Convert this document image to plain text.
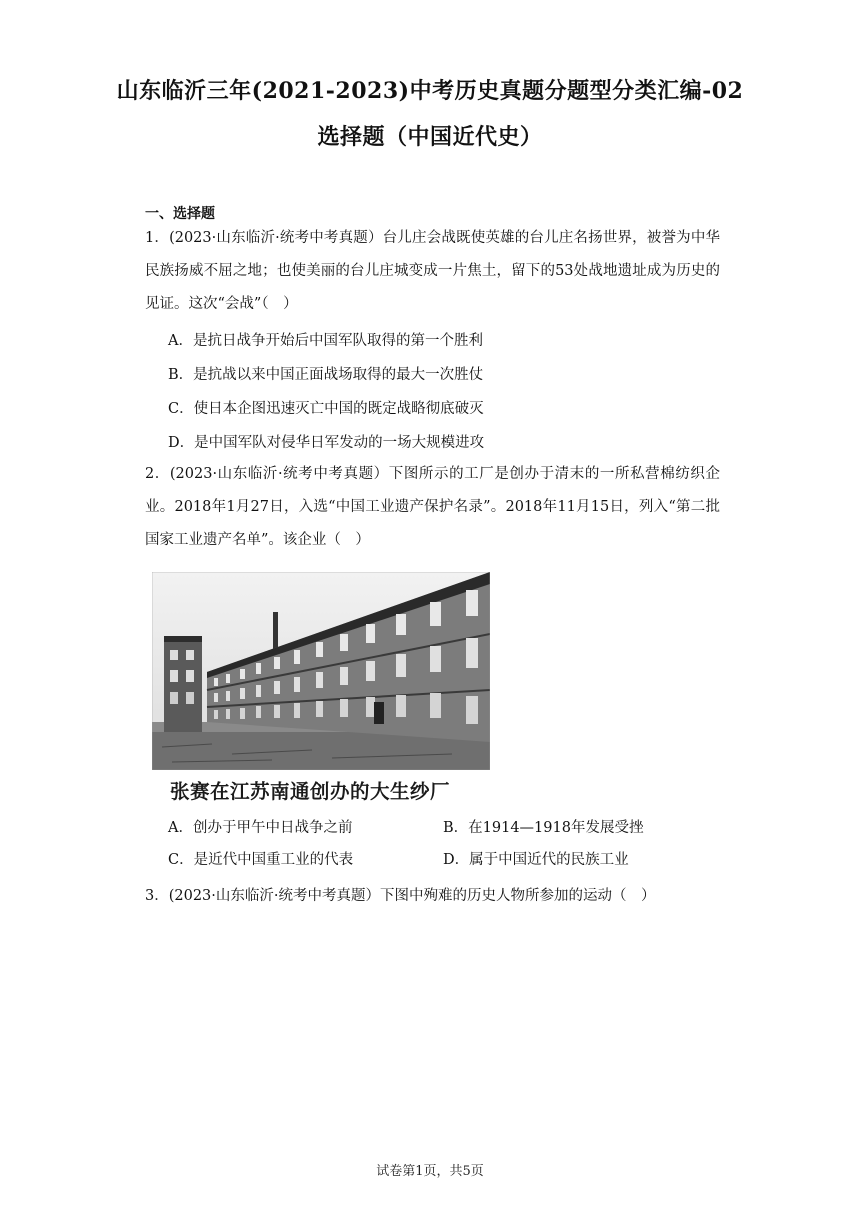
山东临沂三年(2021-2023)中考历史真题分题型分类汇编-02
选择题（中国近代史）
一、选择题
1．(2023·山东临沂·统考中考真题）台儿庄会战既使英雄的台儿庄名扬世界，被誉为中华民族扬威不屈之地；也使美丽的台儿庄城变成一片焦土，留下的53处战地遗址成为历史的见证。这次“会战”（　）
A．是抗日战争开始后中国军队取得的第一个胜利
B．是抗战以来中国正面战场取得的最大一次胜仗
C．使日本企图迅速灭亡中国的既定战略彻底破灭
D．是中国军队对侵华日军发动的一场大规模进攻
2．(2023·山东临沂·统考中考真题）下图所示的工厂是创办于清末的一所私营棉纺织企业。2018年1月27日，入选“中国工业遗产保护名录”。2018年11月15日，列入“第二批国家工业遗产名单”。该企业（　）
张赛在江苏南通创办的大生纱厂
A．创办于甲午中日战争之前	B．在1914—1918年发展受挫
C．是近代中国重工业的代表	D．属于中国近代的民族工业
3．(2023·山东临沂·统考中考真题）下图中殉难的历史人物所参加的运动（　）
试卷第1页，共5页
